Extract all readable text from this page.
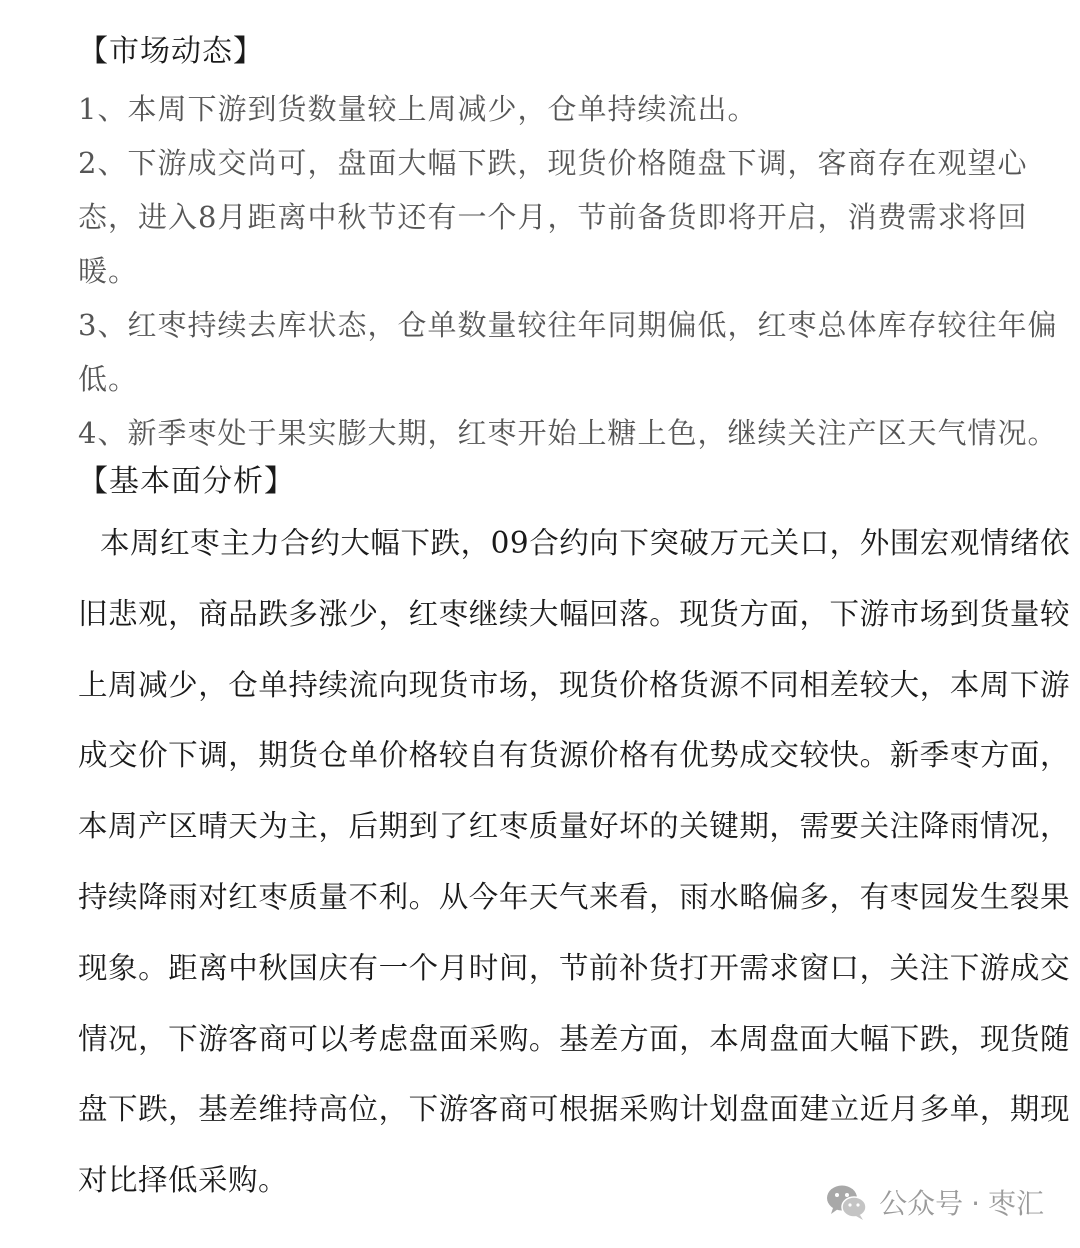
【市场动态】
1、本周下游到货数量较上周减少，仓单持续流出。
2、下游成交尚可，盘面大幅下跌，现货价格随盘下调，客商存在观望心态，进入8月距离中秋节还有一个月，节前备货即将开启，消费需求将回暖。
3、红枣持续去库状态，仓单数量较往年同期偏低，红枣总体库存较往年偏低。
4、新季枣处于果实膨大期，红枣开始上糖上色，继续关注产区天气情况。
【基本面分析】

本周红枣主力合约大幅下跌，09合约向下突破万元关口，外围宏观情绪依旧悲观，商品跌多涨少，红枣继续大幅回落。现货方面，下游市场到货量较上周减少，仓单持续流向现货市场，现货价格货源不同相差较大，本周下游成交价下调，期货仓单价格较自有货源价格有优势成交较快。新季枣方面，本周产区晴天为主，后期到了红枣质量好坏的关键期，需要关注降雨情况，持续降雨对红枣质量不利。从今年天气来看，雨水略偏多，有枣园发生裂果现象。距离中秋国庆有一个月时间，节前补货打开需求窗口，关注下游成交情况，下游客商可以考虑盘面采购。基差方面，本周盘面大幅下跌，现货随盘下跌，基差维持高位，下游客商可根据采购计划盘面建立近月多单，期现对比择低采购。

公众号 · 枣汇
